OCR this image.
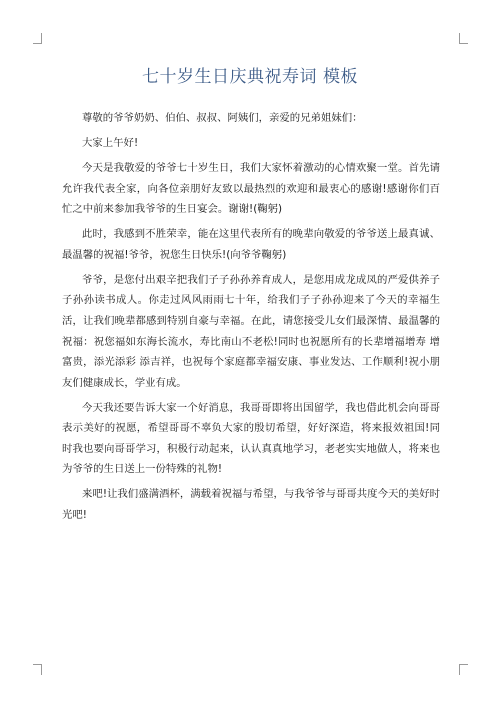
七十岁生日庆典祝寿词 模板

尊敬的爷爷奶奶、伯伯、叔叔、阿姨们，亲爱的兄弟姐妹们：

大家上午好!

今天是我敬爱的爷爷七十岁生日，我们大家怀着激动的心情欢聚一堂。首先请允许我代表全家，向各位亲朋好友致以最热烈的欢迎和最衷心的感谢!感谢你们百忙之中前来参加我爷爷的生日宴会。谢谢!(鞠躬)

此时，我感到不胜荣幸，能在这里代表所有的晚辈向敬爱的爷爷送上最真诚、最温馨的祝福!爷爷，祝您生日快乐!(向爷爷鞠躬)

爷爷，是您付出艰辛把我们子子孙孙养育成人，是您用成龙成凤的严爱供养子子孙孙读书成人。你走过风风雨雨七十年，给我们子子孙孙迎来了今天的幸福生活，让我们晚辈都感到特别自豪与幸福。在此，请您接受儿女们最深情、最温馨的祝福：祝您福如东海长流水，寿比南山不老松!同时也祝愿所有的长辈增福增寿 增富贵，添光添彩 添吉祥，也祝每个家庭都幸福安康、事业发达、工作顺利!祝小朋友们健康成长，学业有成。

今天我还要告诉大家一个好消息，我哥哥即将出国留学，我也借此机会向哥哥表示美好的祝愿，希望哥哥不辜负大家的殷切希望，好好深造，将来报效祖国!同时我也要向哥哥学习，积极行动起来，认认真真地学习，老老实实地做人，将来也为爷爷的生日送上一份特殊的礼物!

来吧!让我们盛满酒杯，满载着祝福与希望，与我爷爷与哥哥共度今天的美好时光吧!
